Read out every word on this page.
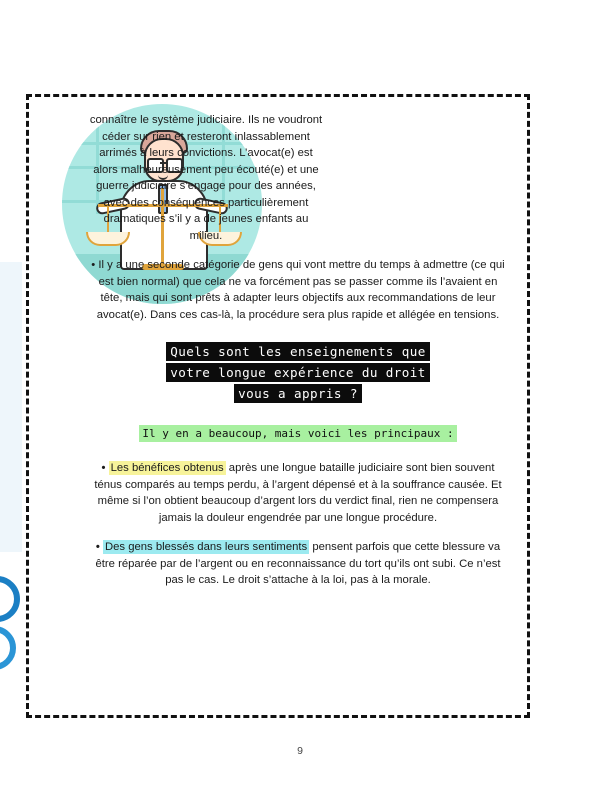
connaître le système judiciaire. Ils ne voudront céder sur rien et resteront inlassablement arrimés à leurs convictions. L’avocat(e) est alors malheureusement peu écouté(e) et une guerre judiciaire s’engage pour des années, avec des conséquences particulièrement dramatiques s’il y a de jeunes enfants au milieu.

• Il y a une seconde catégorie de gens qui vont mettre du temps à admettre (ce qui est bien normal) que cela ne va forcément pas se passer comme ils l’avaient en tête, mais qui sont prêts à adapter leurs objectifs aux recommandations de leur avocat(e). Dans ces cas-là, la procédure sera plus rapide et allégée en tensions.

Quels sont les enseignements que
votre longue expérience du droit
vous a appris ?
Il y en a beaucoup, mais voici les principaux :

• Les bénéfices obtenus après une longue bataille judiciaire sont bien souvent ténus comparés au temps perdu, à l’argent dépensé et à la souffrance causée. Et même si l’on obtient beaucoup d’argent lors du verdict final, rien ne compensera jamais la douleur engendrée par une longue procédure.

• Des gens blessés dans leurs sentiments pensent parfois que cette blessure va être réparée par de l’argent ou en reconnaissance du tort qu’ils ont subi. Ce n’est pas le cas. Le droit s’attache à la loi, pas à la morale.

9
